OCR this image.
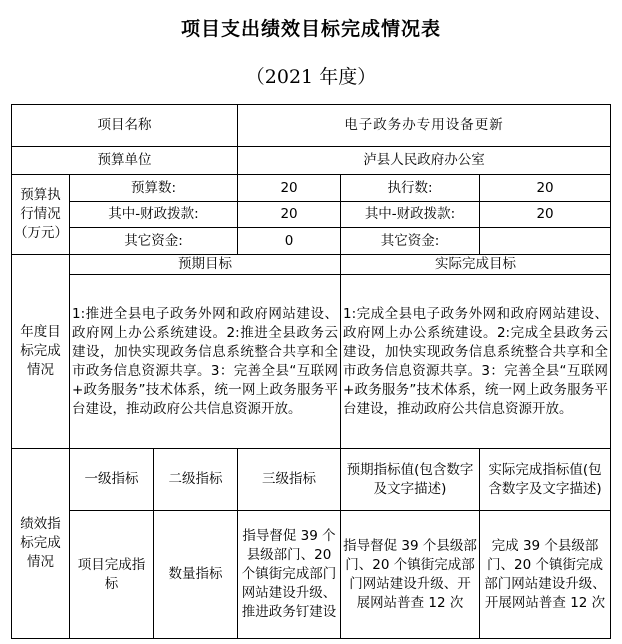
项目支出绩效目标完成情况表
（2021 年度）
项目名称			电子政务办专用设备更新		
预算单位			泸县人民政府办公室		
预算执行情况（万元）	预算数:		20	执行数:	20
	其中-财政拨款:		20	其中-财政拨款:	20
	其它资金:		0	其它资金:	
年度目标完成情况	预期目标			实际完成目标	
	1:推进全县电子政务外网和政府网站建设、政府网上办公系统建设。2:推进全县政务云建设，加快实现政务信息系统整合共享和全市政务信息资源共享。3：完善全县“互联网+政务服务”技术体系，统一网上政务服务平台建设，推动政府公共信息资源开放。			1:完成全县电子政务外网和政府网站建设、政府网上办公系统建设。2:完成全县政务云建设，加快实现政务信息系统整合共享和全市政务信息资源共享。3：完善全县“互联网+政务服务”技术体系，统一网上政务服务平台建设，推动政府公共信息资源开放。	
绩效指标完成情况	一级指标	二级指标	三级指标	预期指标值(包含数字及文字描述)	实际完成指标值(包含数字及文字描述)
	项目完成指标	数量指标	指导督促 39 个县级部门、20 个镇街完成部门网站建设升级、推进政务钉建设	指导督促 39 个县级部门、20 个镇街完成部门网站建设升级、开展网站普查 12 次	完成 39 个县级部门、20 个镇街完成部门网站建设升级、开展网站普查 12 次
